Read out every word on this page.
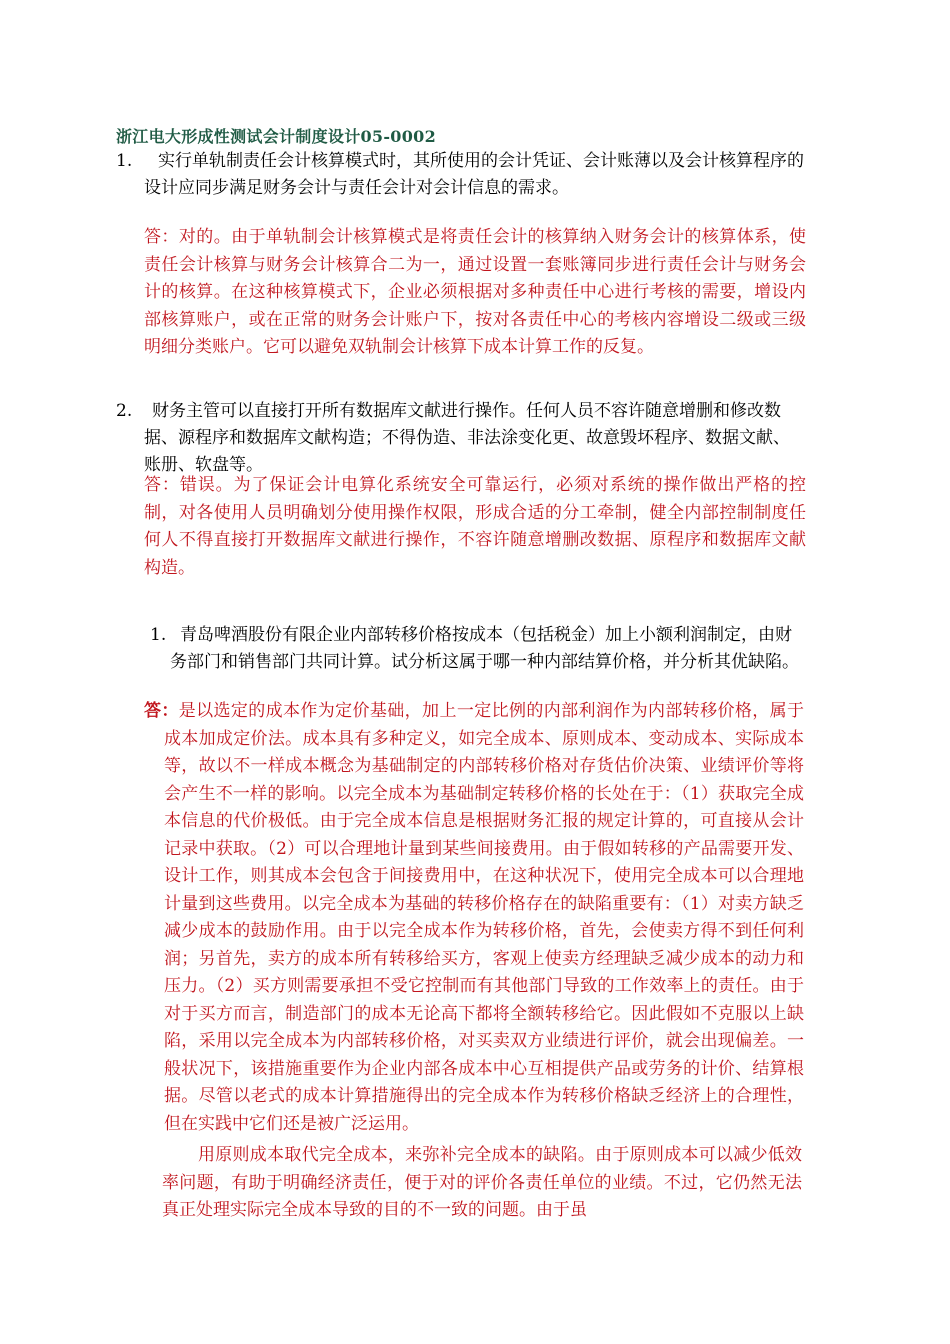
浙江电大形成性测试会计制度设计05-0002
1.	实行单轨制责任会计核算模式时，其所使用的会计凭证、会计账薄以及会计核算程序的设计应同步满足财务会计与责任会计对会计信息的需求。
答：对的。由于单轨制会计核算模式是将责任会计的核算纳入财务会计的核算体系，使责任会计核算与财务会计核算合二为一，通过设置一套账簿同步进行责任会计与财务会计的核算。在这种核算模式下，企业必须根据对多种责任中心进行考核的需要，增设内部核算账户，或在正常的财务会计账户下，按对各责任中心的考核内容增设二级或三级明细分类账户。它可以避免双轨制会计核算下成本计算工作的反复。
2.	财务主管可以直接打开所有数据库文献进行操作。任何人员不容许随意增删和修改数据、源程序和数据库文献构造；不得伪造、非法涂变化更、故意毁坏程序、数据文献、账册、软盘等。
答：错误。为了保证会计电算化系统安全可靠运行，必须对系统的操作做出严格的控制，对各使用人员明确划分使用操作权限，形成合适的分工牵制，健全内部控制制度任何人不得直接打开数据库文献进行操作，不容许随意增删改数据、原程序和数据库文献构造。
1. 青岛啤酒股份有限企业内部转移价格按成本（包括税金）加上小额利润制定，由财务部门和销售部门共同计算。试分析这属于哪一种内部结算价格，并分析其优缺陷。
答：是以选定的成本作为定价基础，加上一定比例的内部利润作为内部转移价格，属于成本加成定价法。成本具有多种定义，如完全成本、原则成本、变动成本、实际成本等，故以不一样成本概念为基础制定的内部转移价格对存货估价决策、业绩评价等将会产生不一样的影响。以完全成本为基础制定转移价格的长处在于：（1）获取完全成本信息的代价极低。由于完全成本信息是根据财务汇报的规定计算的，可直接从会计记录中获取。（2）可以合理地计量到某些间接费用。由于假如转移的产品需要开发、设计工作，则其成本会包含于间接费用中，在这种状况下，使用完全成本可以合理地计量到这些费用。以完全成本为基础的转移价格存在的缺陷重要有：（1）对卖方缺乏减少成本的鼓励作用。由于以完全成本作为转移价格，首先，会使卖方得不到任何利润；另首先，卖方的成本所有转移给买方，客观上使卖方经理缺乏减少成本的动力和压力。（2）买方则需要承担不受它控制而有其他部门导致的工作效率上的责任。由于对于买方而言，制造部门的成本无论高下都将全额转移给它。因此假如不克服以上缺陷，采用以完全成本为内部转移价格，对买卖双方业绩进行评价，就会出现偏差。一般状况下，该措施重要作为企业内部各成本中心互相提供产品或劳务的计价、结算根据。尽管以老式的成本计算措施得出的完全成本作为转移价格缺乏经济上的合理性，但在实践中它们还是被广泛运用。
用原则成本取代完全成本，来弥补完全成本的缺陷。由于原则成本可以减少低效率问题，有助于明确经济责任，便于对的评价各责任单位的业绩。不过，它仍然无法真正处理实际完全成本导致的目的不一致的问题。由于虽
